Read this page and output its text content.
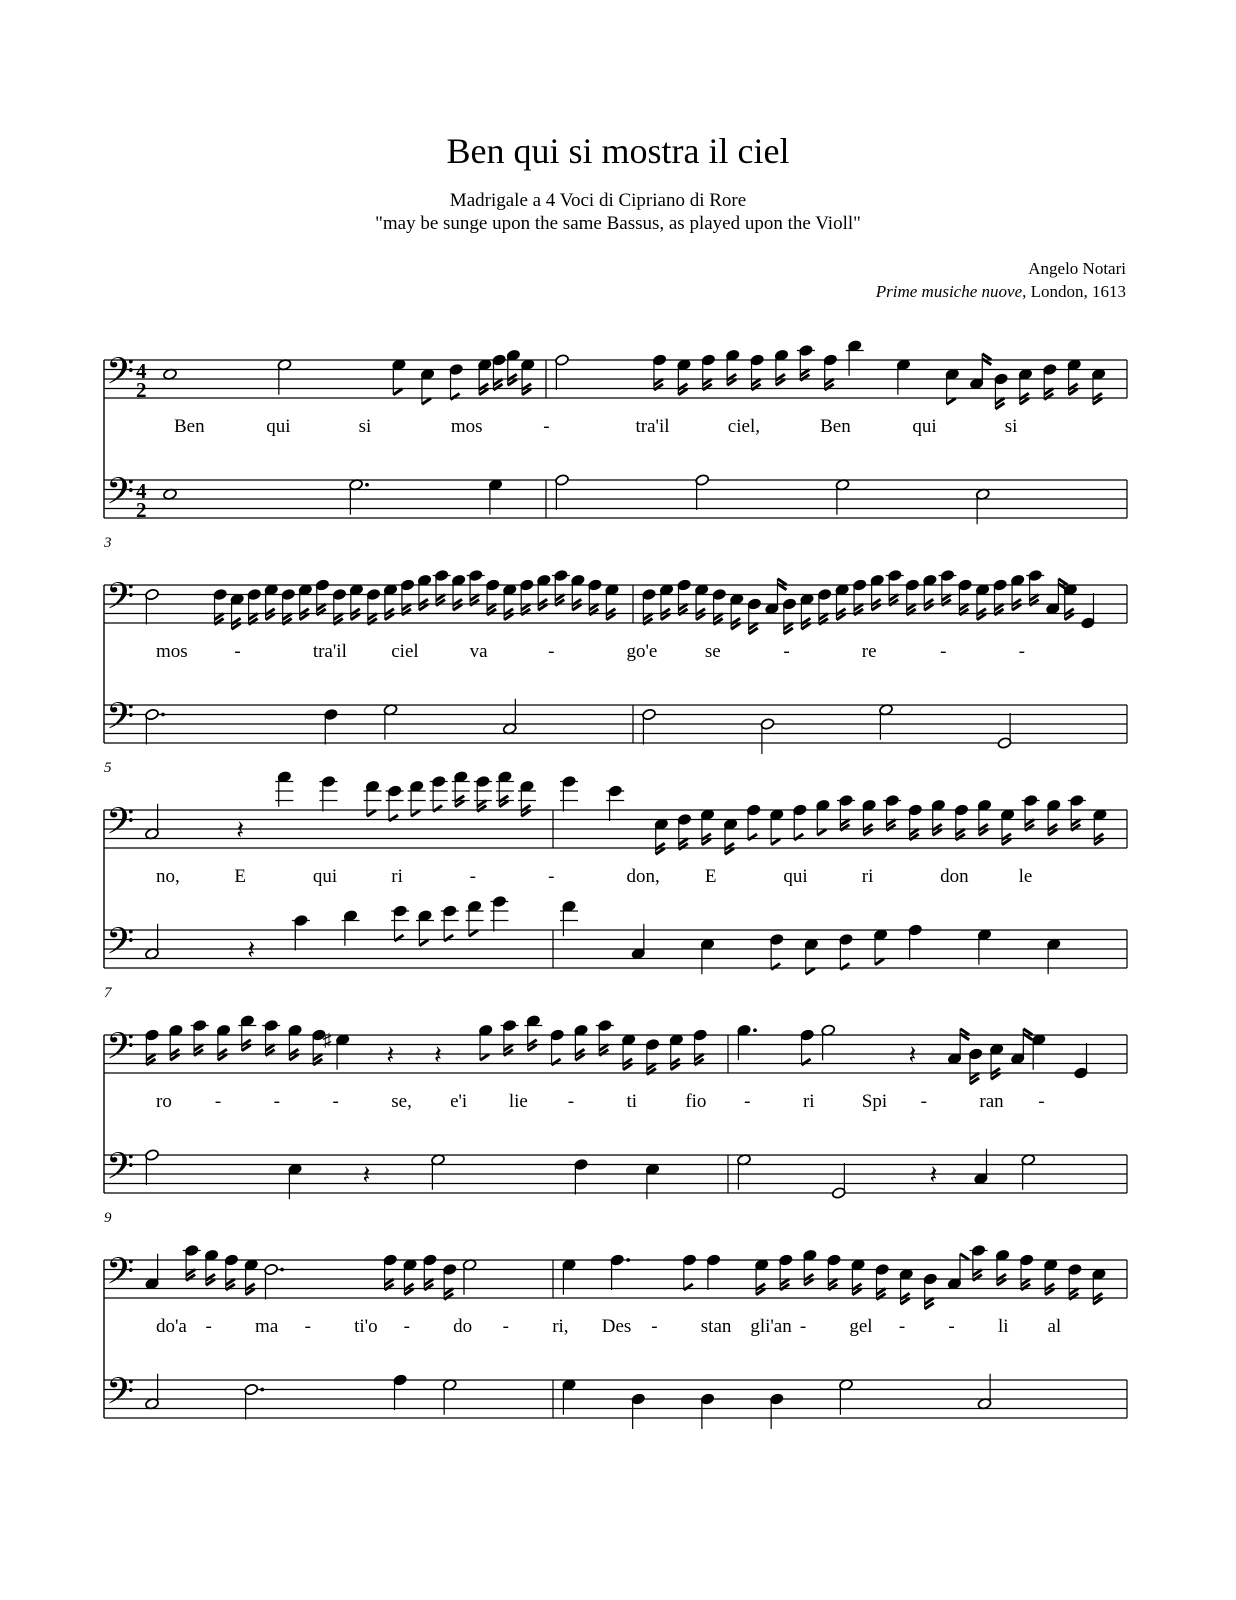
Ben qui si mostra il ciel
Madrigale a 4 Voci di Cipriano di Rore
"may be sunge upon the same Bassus, as played upon the Violl"
Angelo Notari
Prime musiche nuove, London, 1613
𝄢
𝄢
4
2
4
2
Ben	qui	si	mos	-	tra'il	ciel,	Ben	qui	si
𝄢
𝄢
3
mos -	tra'il ciel	va	-	go'e	se	-	re	-	-
𝄢
𝄢
5
𝄽
𝄽
no,	E	qui	ri	-	-	don, E	qui	ri	don	le
𝄢
𝄢
7
♯
𝄽 𝄽	𝄽
𝄽	𝄽
ro -	-	-	se, e'i lie -	ti	fio -	ri Spi -	ran -
𝄢
𝄢
9
do'a - ma - ti'o - do - ri, Des - stan gli'an - gel - - li al
